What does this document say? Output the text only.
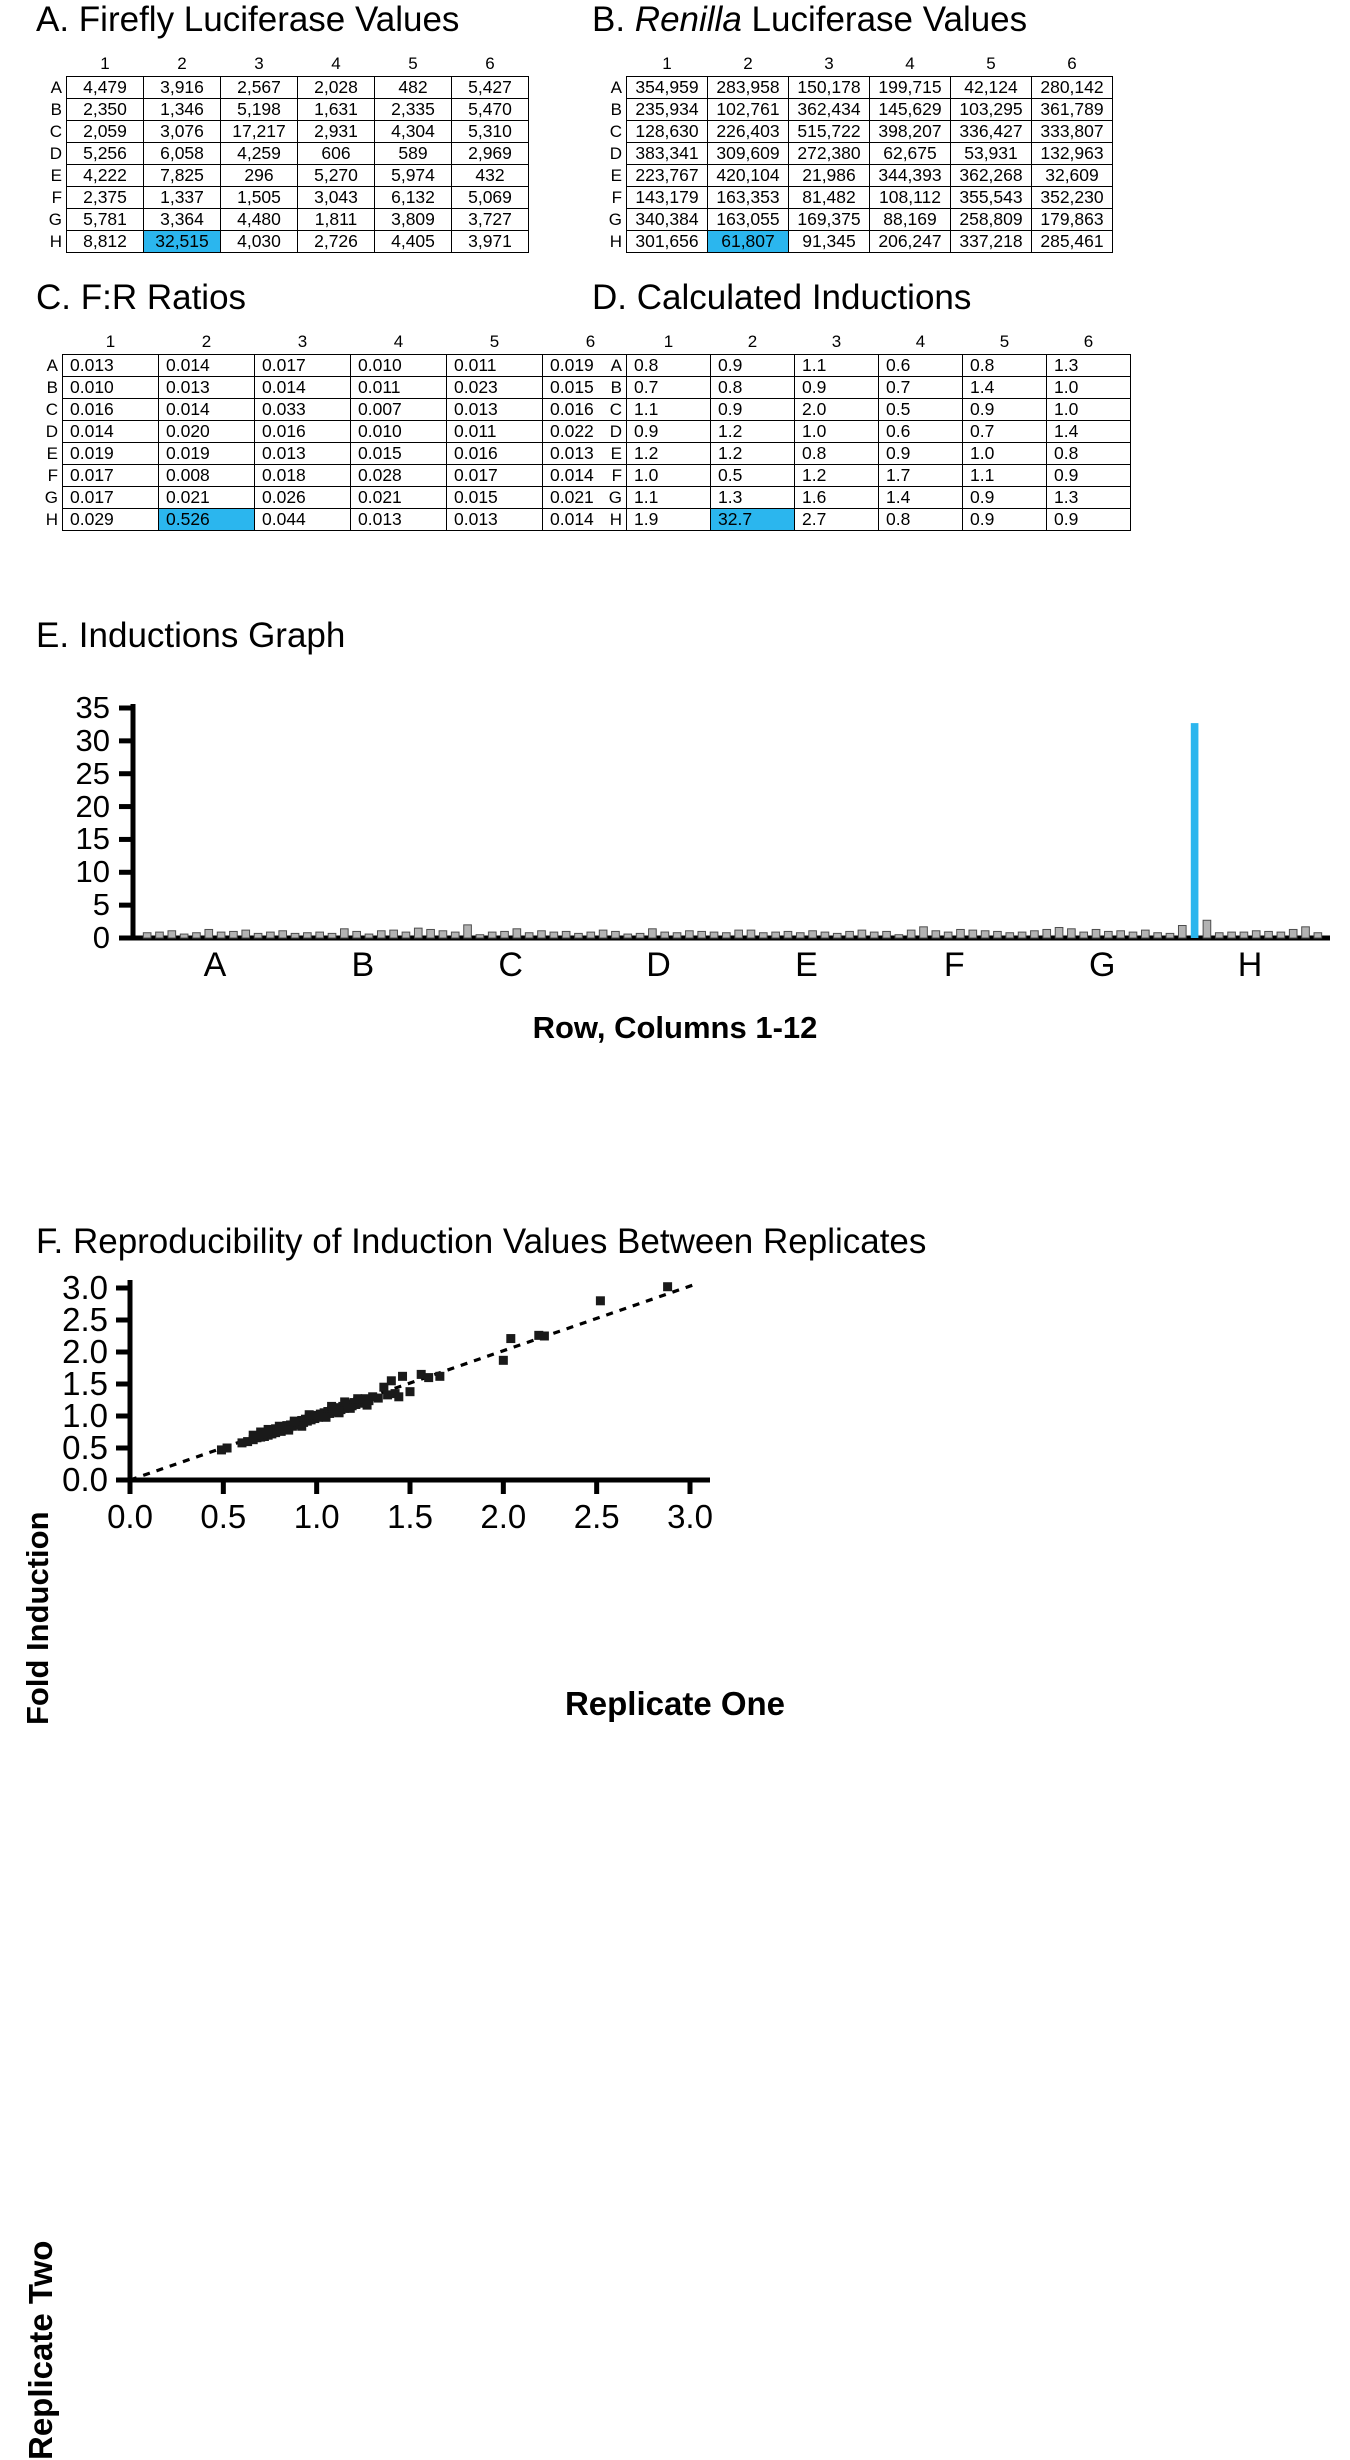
A. Firefly Luciferase Values
	1	2	3	4	5	6
A	4,479	3,916	2,567	2,028	482	5,427
B	2,350	1,346	5,198	1,631	2,335	5,470
C	2,059	3,076	17,217	2,931	4,304	5,310
D	5,256	6,058	4,259	606	589	2,969
E	4,222	7,825	296	5,270	5,974	432
F	2,375	1,337	1,505	3,043	6,132	5,069
G	5,781	3,364	4,480	1,811	3,809	3,727
H	8,812	32,515	4,030	2,726	4,405	3,971
B. Renilla Luciferase Values
	1	2	3	4	5	6
A	354,959	283,958	150,178	199,715	42,124	280,142
B	235,934	102,761	362,434	145,629	103,295	361,789
C	128,630	226,403	515,722	398,207	336,427	333,807
D	383,341	309,609	272,380	62,675	53,931	132,963
E	223,767	420,104	21,986	344,393	362,268	32,609
F	143,179	163,353	81,482	108,112	355,543	352,230
G	340,384	163,055	169,375	88,169	258,809	179,863
H	301,656	61,807	91,345	206,247	337,218	285,461
C. F:R Ratios
	1	2	3	4	5	6
A	0.013	0.014	0.017	0.010	0.011	0.019
B	0.010	0.013	0.014	0.011	0.023	0.015
C	0.016	0.014	0.033	0.007	0.013	0.016
D	0.014	0.020	0.016	0.010	0.011	0.022
E	0.019	0.019	0.013	0.015	0.016	0.013
F	0.017	0.008	0.018	0.028	0.017	0.014
G	0.017	0.021	0.026	0.021	0.015	0.021
H	0.029	0.526	0.044	0.013	0.013	0.014
D. Calculated Inductions
	1	2	3	4	5	6
A	0.8	0.9	1.1	0.6	0.8	1.3
B	0.7	0.8	0.9	0.7	1.4	1.0
C	1.1	0.9	2.0	0.5	0.9	1.0
D	0.9	1.2	1.0	0.6	0.7	1.4
E	1.2	1.2	0.8	0.9	1.0	0.8
F	1.0	0.5	1.2	1.7	1.1	0.9
G	1.1	1.3	1.6	1.4	0.9	1.3
H	1.9	32.7	2.7	0.8	0.9	0.9
E. Inductions Graph
Fold Induction
0
5
10
15
20
25
30
35
A	B	C	D	E	F	G	H
Row, Columns 1-12
F. Reproducibility of Induction Values Between Replicates
Replicate Two
0.0
0.5
1.0
1.5
2.0
2.5
3.0
0.0	0.5	1.0	1.5	2.0	2.5	3.0
Replicate One
